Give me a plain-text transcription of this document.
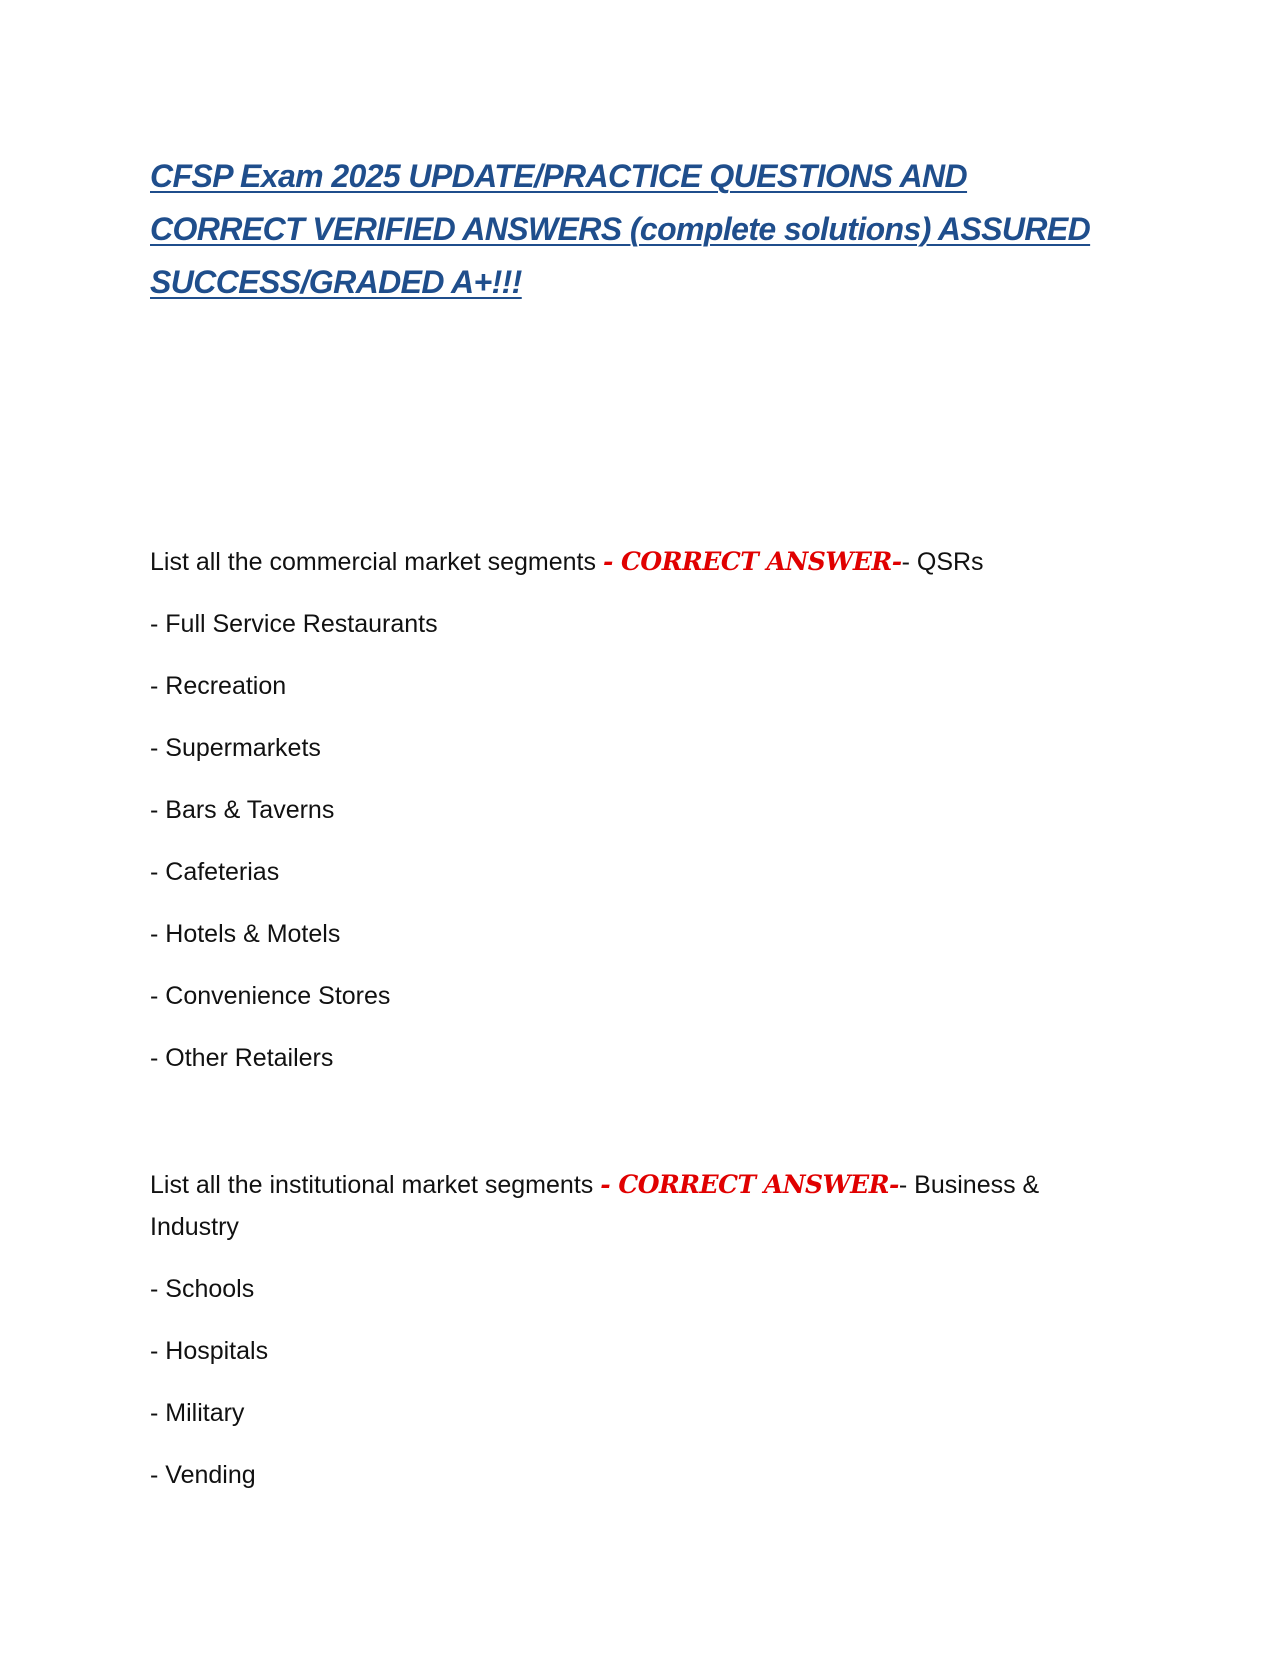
CFSP Exam 2025 UPDATE/PRACTICE QUESTIONS AND
CORRECT VERIFIED ANSWERS (complete solutions) ASSURED
SUCCESS/GRADED A+!!!
List all the commercial market segments - CORRECT ANSWER-- QSRs
- Full Service Restaurants
- Recreation
- Supermarkets
- Bars & Taverns
- Cafeterias
- Hotels & Motels
- Convenience Stores
- Other Retailers
List all the institutional market segments - CORRECT ANSWER-- Business & Industry
- Schools
- Hospitals
- Military
- Vending
